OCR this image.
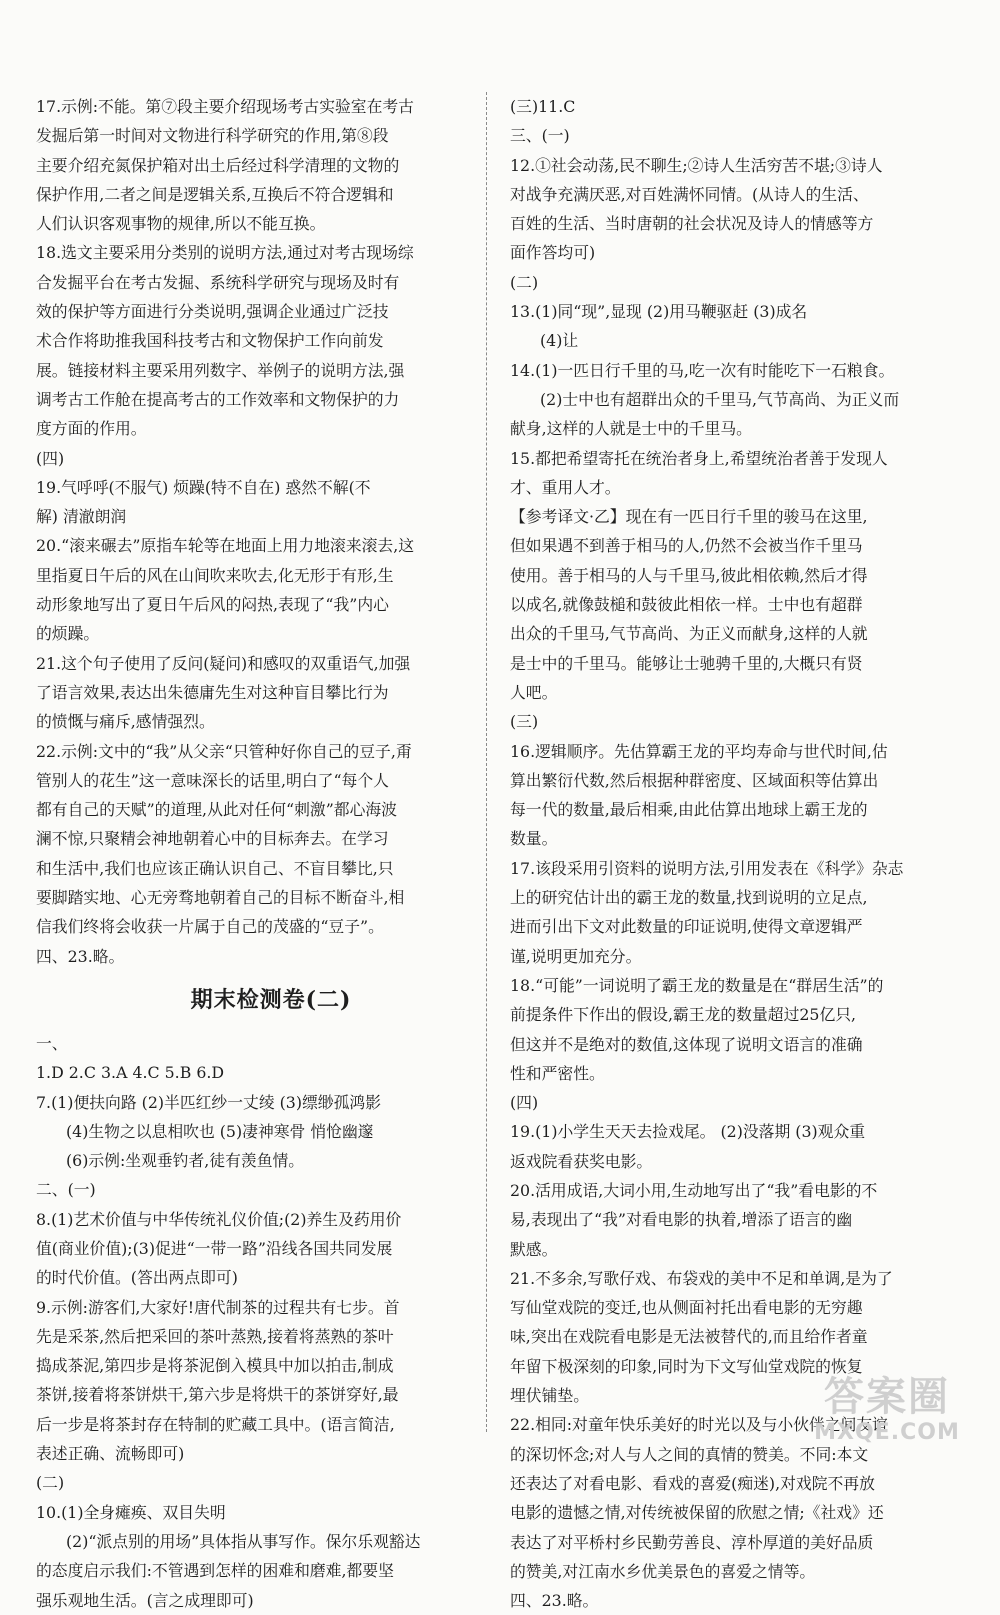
17.示例:不能。第⑦段主要介绍现场考古实验室在考古
发掘后第一时间对文物进行科学研究的作用,第⑧段
主要介绍充氮保护箱对出土后经过科学清理的文物的
保护作用,二者之间是逻辑关系,互换后不符合逻辑和
人们认识客观事物的规律,所以不能互换。
18.选文主要采用分类别的说明方法,通过对考古现场综
合发掘平台在考古发掘、系统科学研究与现场及时有
效的保护等方面进行分类说明,强调企业通过广泛技
术合作将助推我国科技考古和文物保护工作向前发
展。链接材料主要采用列数字、举例子的说明方法,强
调考古工作舱在提高考古的工作效率和文物保护的力
度方面的作用。
(四)
19.气呼呼(不服气) 烦躁(特不自在) 惑然不解(不
解) 清澈朗润
20.“滚来碾去”原指车轮等在地面上用力地滚来滚去,这
里指夏日午后的风在山间吹来吹去,化无形于有形,生
动形象地写出了夏日午后风的闷热,表现了“我”内心
的烦躁。
21.这个句子使用了反问(疑问)和感叹的双重语气,加强
了语言效果,表达出朱德庸先生对这种盲目攀比行为
的愤慨与痛斥,感情强烈。
22.示例:文中的“我”从父亲“只管种好你自己的豆子,甭
管别人的花生”这一意味深长的话里,明白了“每个人
都有自己的天赋”的道理,从此对任何“刺激”都心海波
澜不惊,只聚精会神地朝着心中的目标奔去。在学习
和生活中,我们也应该正确认识自己、不盲目攀比,只
要脚踏实地、心无旁骛地朝着自己的目标不断奋斗,相
信我们终将会收获一片属于自己的茂盛的“豆子”。
四、23.略。
期末检测卷(二)
一、
1.D 2.C 3.A 4.C 5.B 6.D
7.(1)便扶向路 (2)半匹红纱一丈绫 (3)缥缈孤鸿影
(4)生物之以息相吹也 (5)凄神寒骨 悄怆幽邃
(6)示例:坐观垂钓者,徒有羡鱼情。
二、(一)
8.(1)艺术价值与中华传统礼仪价值;(2)养生及药用价
值(商业价值);(3)促进“一带一路”沿线各国共同发展
的时代价值。(答出两点即可)
9.示例:游客们,大家好!唐代制茶的过程共有七步。首
先是采茶,然后把采回的茶叶蒸熟,接着将蒸熟的茶叶
捣成茶泥,第四步是将茶泥倒入模具中加以拍击,制成
茶饼,接着将茶饼烘干,第六步是将烘干的茶饼穿好,最
后一步是将茶封存在特制的贮藏工具中。(语言简洁,
表述正确、流畅即可)
(二)
10.(1)全身瘫痪、双目失明
(2)“派点别的用场”具体指从事写作。保尔乐观豁达
的态度启示我们:不管遇到怎样的困难和磨难,都要坚
强乐观地生活。(言之成理即可)
(三)11.C
三、(一)
12.①社会动荡,民不聊生;②诗人生活穷苦不堪;③诗人
对战争充满厌恶,对百姓满怀同情。(从诗人的生活、
百姓的生活、当时唐朝的社会状况及诗人的情感等方
面作答均可)
(二)
13.(1)同“现”,显现 (2)用马鞭驱赶 (3)成名
(4)让
14.(1)一匹日行千里的马,吃一次有时能吃下一石粮食。
(2)士中也有超群出众的千里马,气节高尚、为正义而
献身,这样的人就是士中的千里马。
15.都把希望寄托在统治者身上,希望统治者善于发现人
才、重用人才。
【参考译文·乙】现在有一匹日行千里的骏马在这里,
但如果遇不到善于相马的人,仍然不会被当作千里马
使用。善于相马的人与千里马,彼此相依赖,然后才得
以成名,就像鼓槌和鼓彼此相依一样。士中也有超群
出众的千里马,气节高尚、为正义而献身,这样的人就
是士中的千里马。能够让士驰骋千里的,大概只有贤
人吧。
(三)
16.逻辑顺序。先估算霸王龙的平均寿命与世代时间,估
算出繁衍代数,然后根据种群密度、区域面积等估算出
每一代的数量,最后相乘,由此估算出地球上霸王龙的
数量。
17.该段采用引资料的说明方法,引用发表在《科学》杂志
上的研究估计出的霸王龙的数量,找到说明的立足点,
进而引出下文对此数量的印证说明,使得文章逻辑严
谨,说明更加充分。
18.“可能”一词说明了霸王龙的数量是在“群居生活”的
前提条件下作出的假设,霸王龙的数量超过25亿只,
但这并不是绝对的数值,这体现了说明文语言的准确
性和严密性。
(四)
19.(1)小学生天天去捡戏尾。 (2)没落期 (3)观众重
返戏院看获奖电影。
20.活用成语,大词小用,生动地写出了“我”看电影的不
易,表现出了“我”对看电影的执着,增添了语言的幽
默感。
21.不多余,写歌仔戏、布袋戏的美中不足和单调,是为了
写仙堂戏院的变迁,也从侧面衬托出看电影的无穷趣
味,突出在戏院看电影是无法被替代的,而且给作者童
年留下极深刻的印象,同时为下文写仙堂戏院的恢复
埋伏铺垫。
22.相同:对童年快乐美好的时光以及与小伙伴之间友谊
的深切怀念;对人与人之间的真情的赞美。不同:本文
还表达了对看电影、看戏的喜爱(痴迷),对戏院不再放
电影的遗憾之情,对传统被保留的欣慰之情;《社戏》还
表达了对平桥村乡民勤劳善良、淳朴厚道的美好品质
的赞美,对江南水乡优美景色的喜爱之情等。
四、23.略。
答案圈
MXQE.COM
